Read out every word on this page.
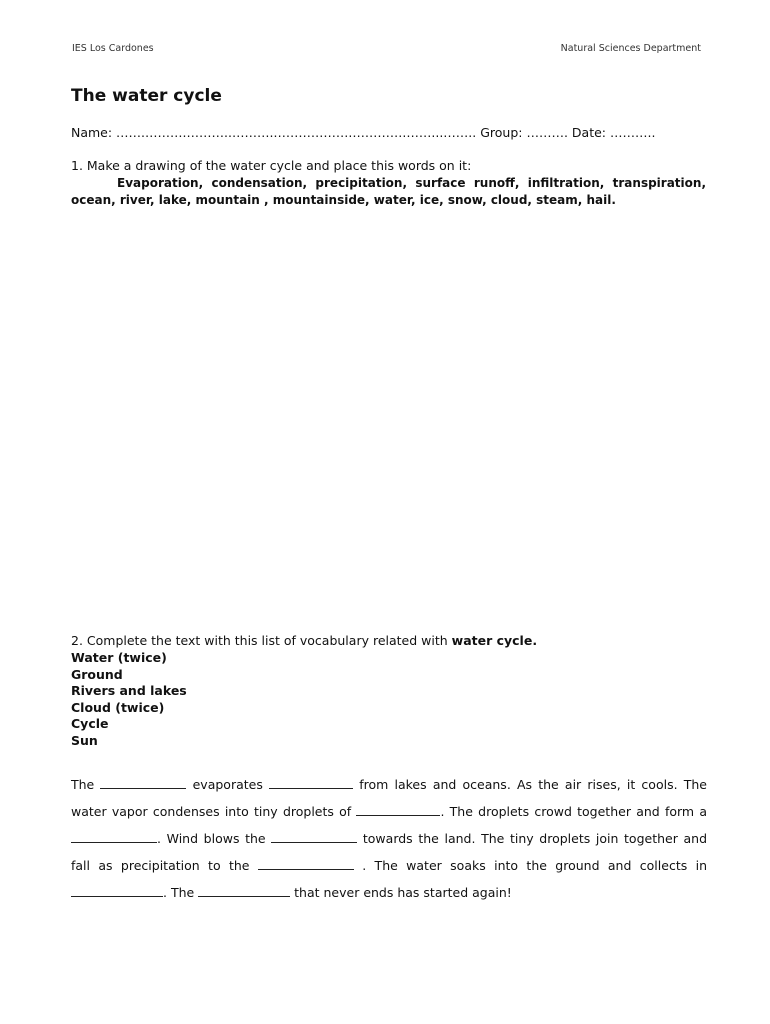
IES Los Cardones	Natural Sciences Department
The water cycle
Name: …….……….………..……….……………….………….……...…….. Group: ………. Date: ………..
1. Make a drawing of the water cycle and place this words on it:

Evaporation, condensation, precipitation, surface runoff, infiltration, transpiration, ocean, river, lake, mountain , mountainside, water, ice, snow, cloud, steam, hail.

2. Complete the text with this list of vocabulary related with water cycle.
Water (twice)
Ground
Rivers and lakes
Cloud (twice)
Cycle
Sun

The	evaporates	from lakes and oceans. As the air rises, it cools. The water vapor condenses into tiny droplets of	. The droplets crowd together and form a . Wind blows the	towards the land. The tiny droplets join together and fall as precipitation to the	. The water soaks into the ground and collects in . The	that never ends has started again!
